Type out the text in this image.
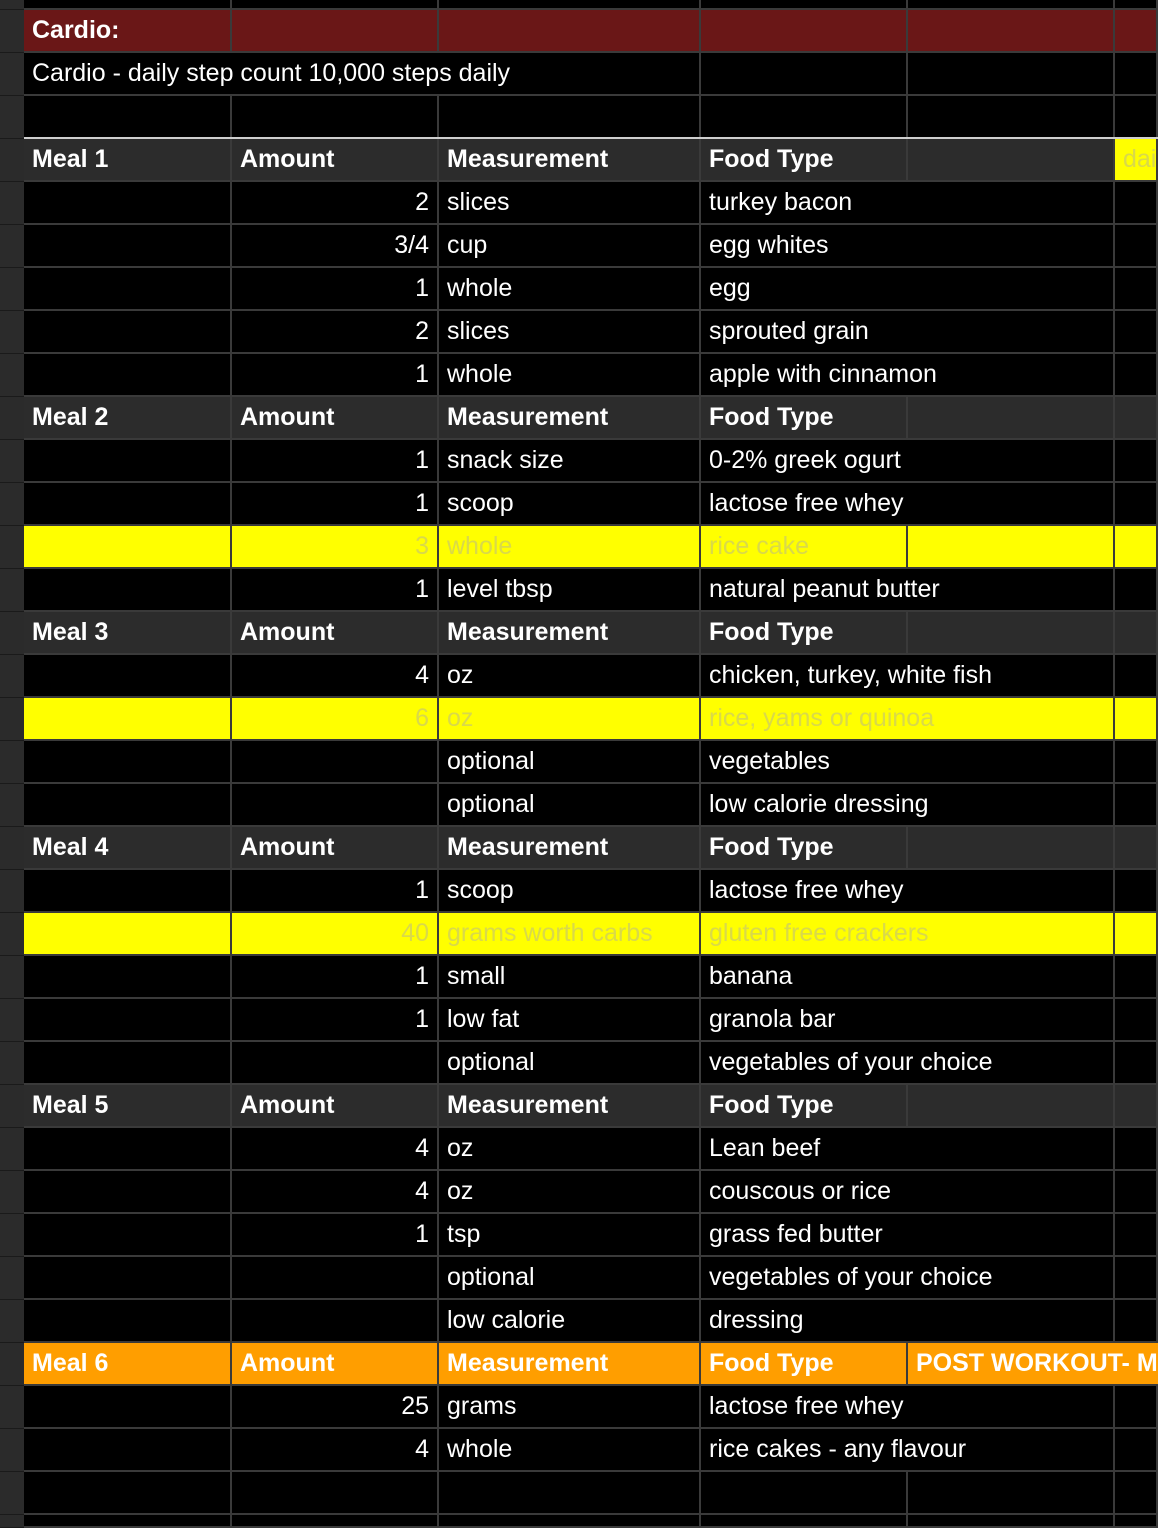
Cardio:
Cardio - daily step count 10,000 steps daily
Meal 1	Amount	Measurement	Food Type	dai
2 slices	turkey bacon
3/4 cup	egg whites
1 whole	egg
2 slices	sprouted grain
1 whole	apple with cinnamon
Meal 2	Amount	Measurement	Food Type
1 snack size	0-2% greek ogurt
1 scoop	lactose free whey
3 whole	rice cake
1 level tbsp	natural peanut butter
Meal 3	Amount	Measurement	Food Type
4 oz	chicken, turkey, white fish
6 oz	rice, yams or quinoa
optional	vegetables
optional	low calorie dressing
Meal 4	Amount	Measurement	Food Type
1 scoop	lactose free whey
40 grams worth carbs	gluten free crackers
1 small	banana
1 low fat	granola bar
optional	vegetables of your choice
Meal 5	Amount	Measurement	Food Type
4 oz	Lean beef
4 oz	couscous or rice
1 tsp	grass fed butter
optional	vegetables of your choice
low calorie	dressing
Meal 6	Amount	Measurement	Food Type	POST WORKOUT- M
25 grams	lactose free whey
4 whole	rice cakes - any flavour
